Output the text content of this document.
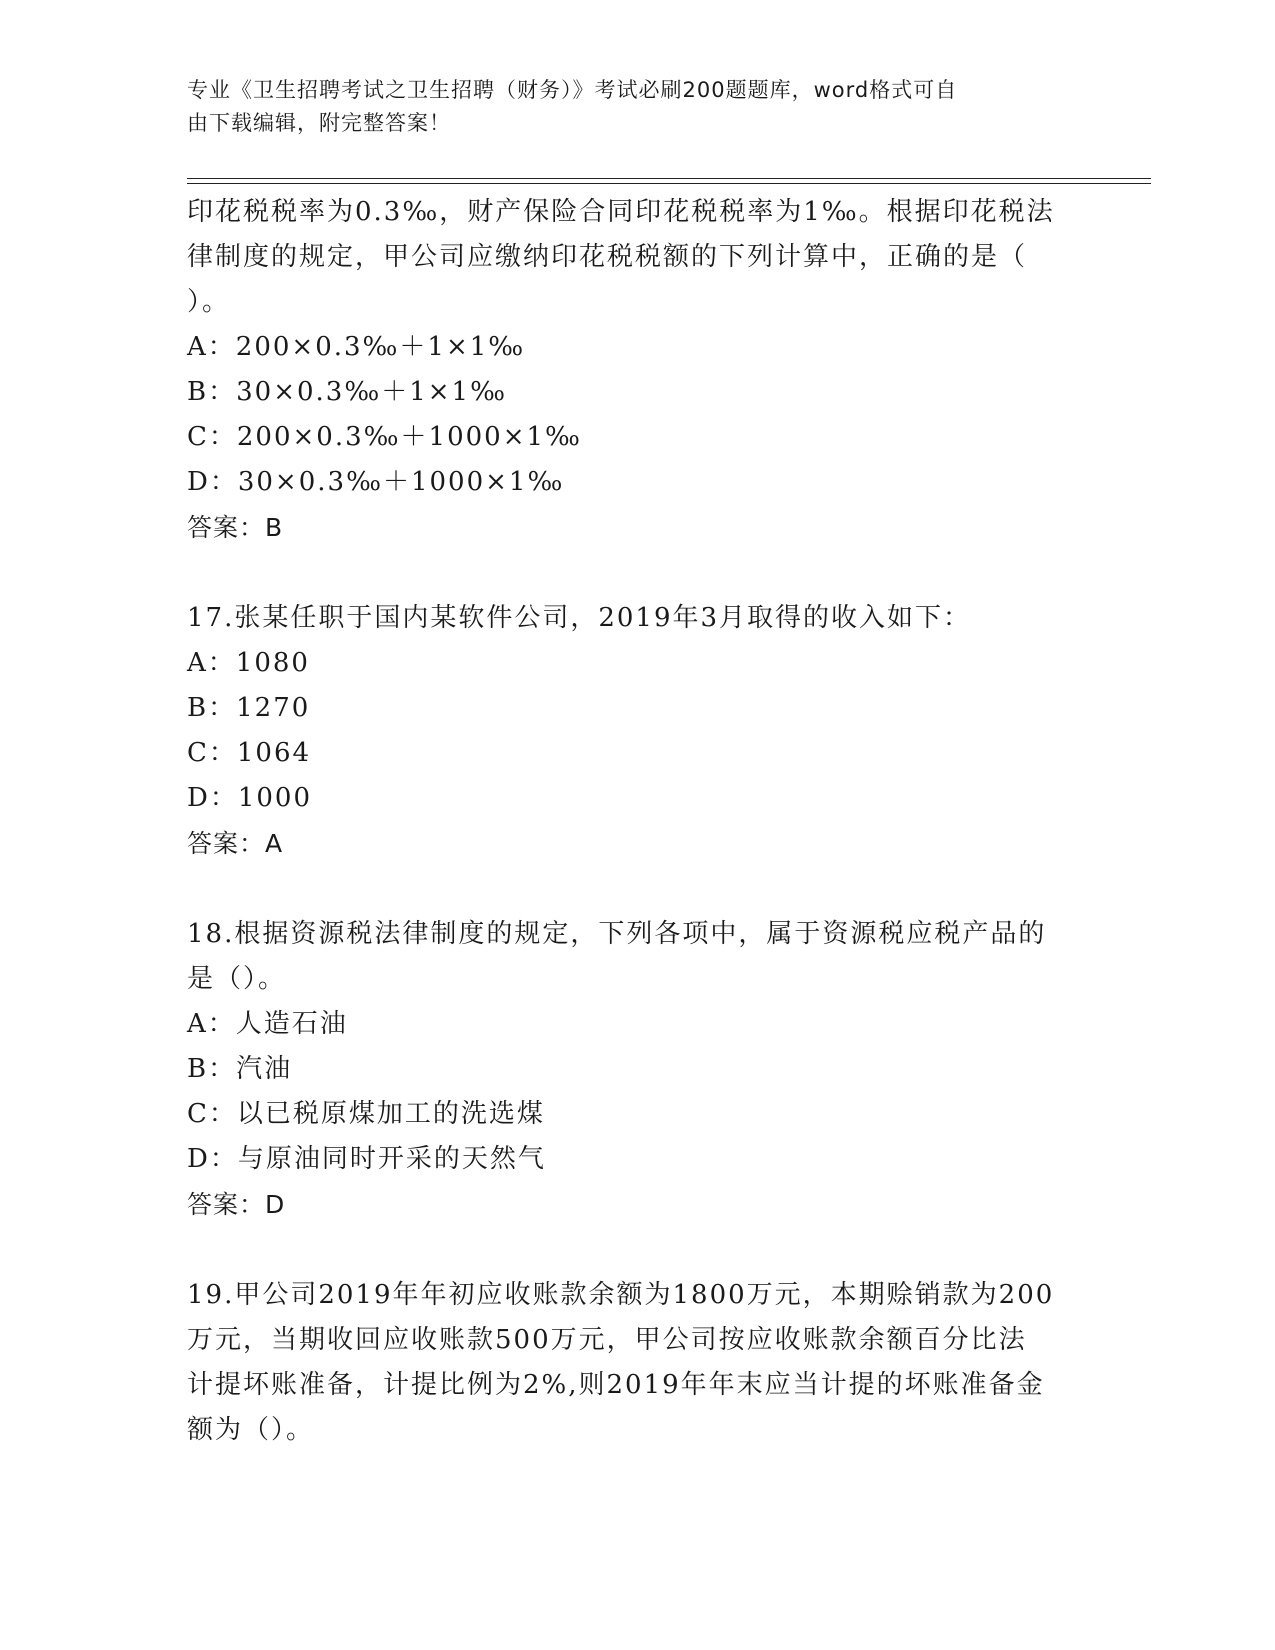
专业《卫生招聘考试之卫生招聘（财务）》考试必刷200题题库，word格式可自
由下载编辑，附完整答案！
印花税税率为0.3‰，财产保险合同印花税税率为1‰。根据印花税法
律制度的规定，甲公司应缴纳印花税税额的下列计算中，正确的是（
）。
A：200×0.3‰＋1×1‰
B：30×0.3‰＋1×1‰
C：200×0.3‰＋1000×1‰
D：30×0.3‰＋1000×1‰
答案：B
17.张某任职于国内某软件公司，2019年3月取得的收入如下：
A：1080
B：1270
C：1064
D：1000
答案：A
18.根据资源税法律制度的规定，下列各项中，属于资源税应税产品的
是（）。
A：人造石油
B：汽油
C：以已税原煤加工的洗选煤
D：与原油同时开采的天然气
答案：D
19.甲公司2019年年初应收账款余额为1800万元，本期赊销款为200
万元，当期收回应收账款500万元，甲公司按应收账款余额百分比法
计提坏账准备，计提比例为2%,则2019年年末应当计提的坏账准备金
额为（）。
